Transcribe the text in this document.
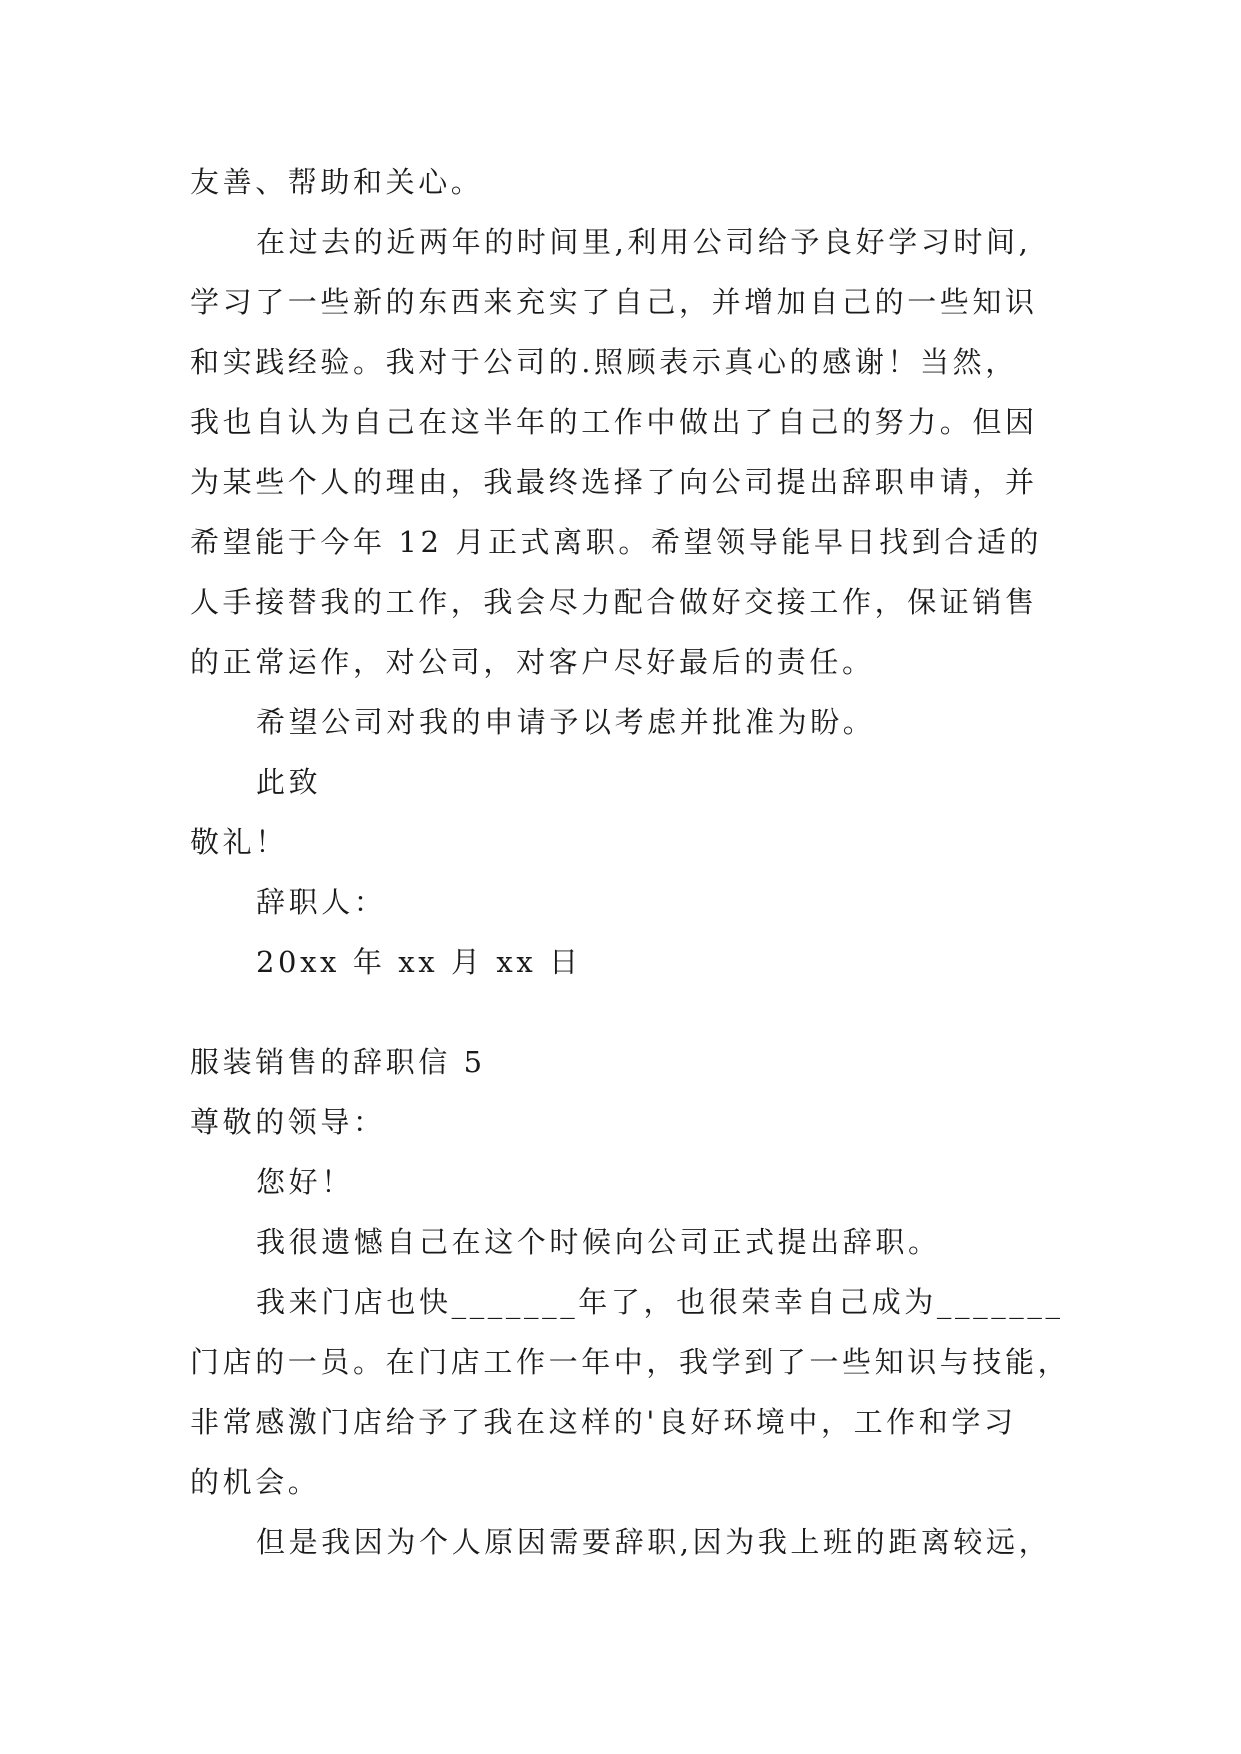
友善、帮助和关心。
在过去的近两年的时间里,利用公司给予良好学习时间,
学习了一些新的东西来充实了自己，并增加自己的一些知识
和实践经验。我对于公司的.照顾表示真心的感谢！当然，
我也自认为自己在这半年的工作中做出了自己的努力。但因
为某些个人的理由，我最终选择了向公司提出辞职申请，并
希望能于今年 12 月正式离职。希望领导能早日找到合适的
人手接替我的工作，我会尽力配合做好交接工作，保证销售
的正常运作，对公司，对客户尽好最后的责任。
希望公司对我的申请予以考虑并批准为盼。
此致
敬礼！
辞职人：
20xx 年 xx 月 xx 日
服装销售的辞职信 5
尊敬的领导：
您好！
我很遗憾自己在这个时候向公司正式提出辞职。
我来门店也快_______年了，也很荣幸自己成为_______
门店的一员。在门店工作一年中，我学到了一些知识与技能，
非常感激门店给予了我在这样的'良好环境中，工作和学习
的机会。
但是我因为个人原因需要辞职,因为我上班的距离较远，
